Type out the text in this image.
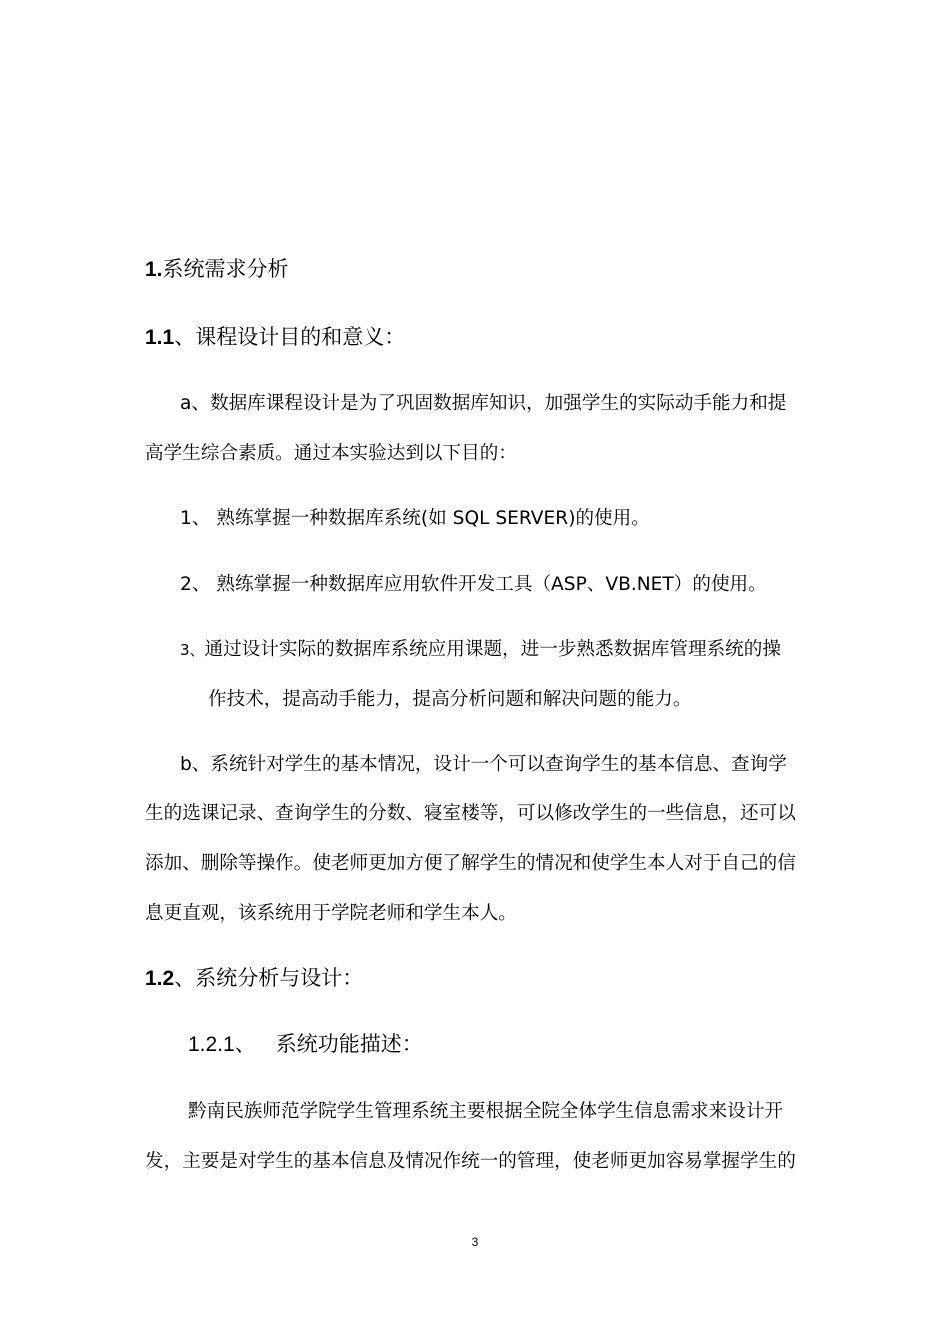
1.系统需求分析
1.1、课程设计目的和意义：
a、数据库课程设计是为了巩固数据库知识，加强学生的实际动手能力和提
高学生综合素质。通过本实验达到以下目的：
1、 熟练掌握一种数据库系统(如 SQL SERVER)的使用。
2、 熟练掌握一种数据库应用软件开发工具（ASP、VB.NET）的使用。
3、通过设计实际的数据库系统应用课题，进一步熟悉数据库管理系统的操
作技术，提高动手能力，提高分析问题和解决问题的能力。
b、系统针对学生的基本情况，设计一个可以查询学生的基本信息、查询学
生的选课记录、查询学生的分数、寝室楼等，可以修改学生的一些信息，还可以
添加、删除等操作。使老师更加方便了解学生的情况和使学生本人对于自己的信
息更直观，该系统用于学院老师和学生本人。
1.2、系统分析与设计：
1.2.1、 系统功能描述：
黔南民族师范学院学生管理系统主要根据全院全体学生信息需求来设计开
发，主要是对学生的基本信息及情况作统一的管理，使老师更加容易掌握学生的
3
